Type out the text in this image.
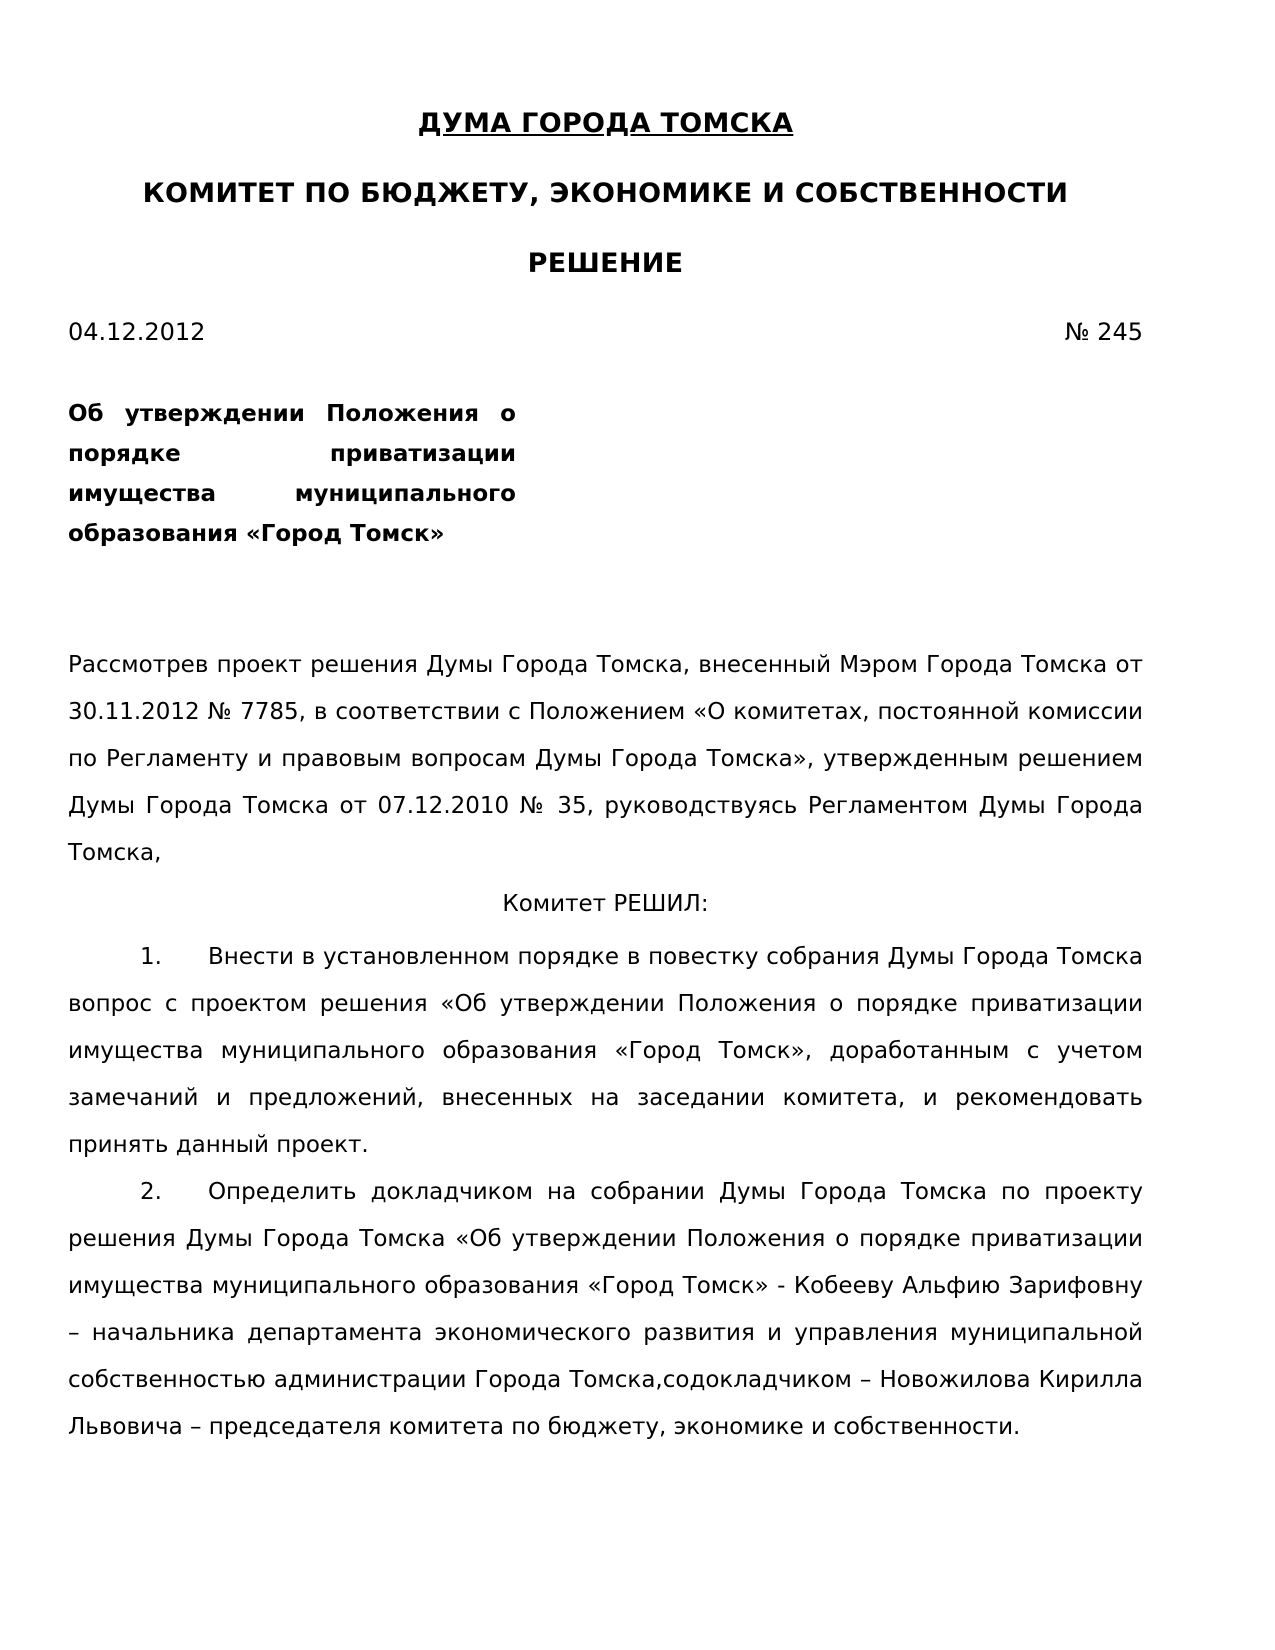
ДУМА ГОРОДА ТОМСКА
КОМИТЕТ ПО БЮДЖЕТУ, ЭКОНОМИКЕ И СОБСТВЕННОСТИ
РЕШЕНИЕ
04.12.2012	№ 245

Об утверждении Положения о порядке приватизации имущества муниципального образования «Город Томск»

Рассмотрев проект решения Думы Города Томска, внесенный Мэром Города Томска от 30.11.2012 № 7785, в соответствии с Положением «О комитетах, постоянной комиссии по Регламенту и правовым вопросам Думы Города Томска», утвержденным решением Думы Города Томска от 07.12.2010 № 35, руководствуясь Регламентом Думы Города Томска,

Комитет РЕШИЛ:

1. Внести в установленном порядке в повестку собрания Думы Города Томска вопрос с проектом решения «Об утверждении Положения о порядке приватизации имущества муниципального образования «Город Томск», доработанным с учетом замечаний и предложений, внесенных на заседании комитета, и рекомендовать принять данный проект.

2. Определить докладчиком на собрании Думы Города Томска по проекту решения Думы Города Томска «Об утверждении Положения о порядке приватизации имущества муниципального образования «Город Томск» - Кобееву Альфию Зарифовну – начальника департамента экономического развития и управления муниципальной собственностью администрации Города Томска,содокладчиком – Новожилова Кирилла Львовича – председателя комитета по бюджету, экономике и собственности.
